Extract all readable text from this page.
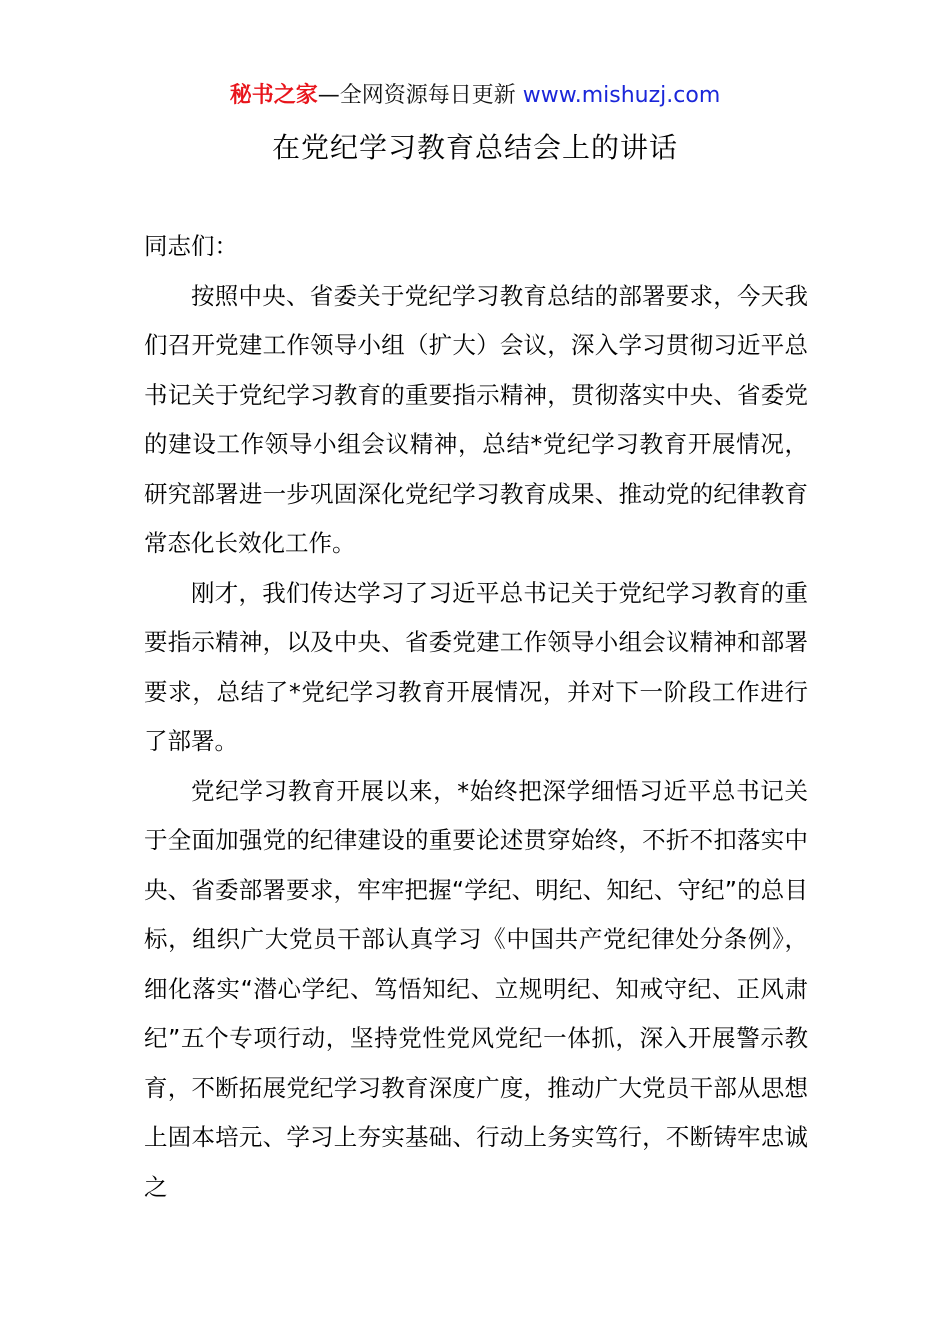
秘书之家—全网资源每日更新 www.mishuzj.com
在党纪学习教育总结会上的讲话

同志们：

按照中央、省委关于党纪学习教育总结的部署要求，今天我们召开党建工作领导小组（扩大）会议，深入学习贯彻习近平总书记关于党纪学习教育的重要指示精神，贯彻落实中央、省委党的建设工作领导小组会议精神，总结*党纪学习教育开展情况，研究部署进一步巩固深化党纪学习教育成果、推动党的纪律教育常态化长效化工作。

刚才，我们传达学习了习近平总书记关于党纪学习教育的重要指示精神，以及中央、省委党建工作领导小组会议精神和部署要求，总结了*党纪学习教育开展情况，并对下一阶段工作进行了部署。

党纪学习教育开展以来，*始终把深学细悟习近平总书记关于全面加强党的纪律建设的重要论述贯穿始终，不折不扣落实中央、省委部署要求，牢牢把握“学纪、明纪、知纪、守纪”的总目标，组织广大党员干部认真学习《中国共产党纪律处分条例》，细化落实“潜心学纪、笃悟知纪、立规明纪、知戒守纪、正风肃纪”五个专项行动，坚持党性党风党纪一体抓，深入开展警示教育，不断拓展党纪学习教育深度广度，推动广大党员干部从思想上固本培元、学习上夯实基础、行动上务实笃行，不断铸牢忠诚之
